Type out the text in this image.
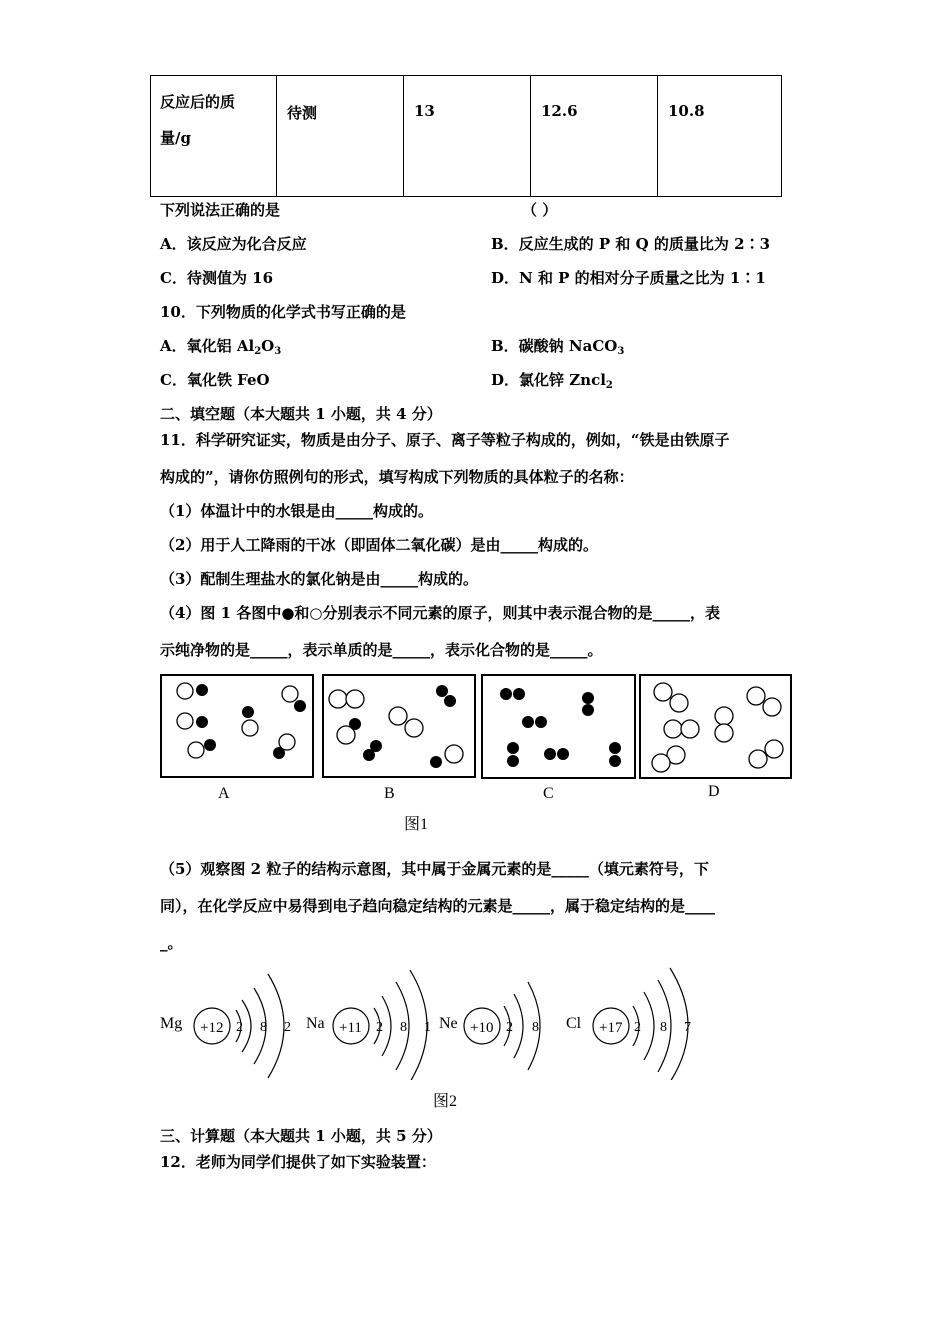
反应后的质
量/g

待测	13	12.6	10.8
下列说法正确的是	（ ）
A．该反应为化合反应	B．反应生成的 P 和 Q 的质量比为 2∶3
C．待测值为 16	D．N 和 P 的相对分子质量之比为 1∶1
10．下列物质的化学式书写正确的是
A．氧化铝 $Al_2O_3$	B．碳酸钠 NaCO$_3$
C．氧化铁 FeO	D．氯化锌 Zncl$_2$
二、填空题（本大题共 1 小题，共 4 分）
11．科学研究证实，物质是由分子、原子、离子等粒子构成的，例如，“铁是由铁原子
构成的”，请你仿照例句的形式，填写构成下列物质的具体粒子的名称：
（1）体温计中的水银是由_____构成的。
（2）用于人工降雨的干冰（即固体二氧化碳）是由_____构成的。
（3）配制生理盐水的氯化钠是由_____构成的。
（4）图 1 各图中●和○分别表示不同元素的原子，则其中表示混合物的是_____，表
示纯净物的是_____，表示单质的是_____，表示化合物的是_____。
A	B	C	D
图1
（5）观察图 2 粒子的结构示意图，其中属于金属元素的是_____（填元素符号，下
同），在化学反应中易得到电子趋向稳定结构的元素是_____，属于稳定结构的是____
_。
Mg +12 2 8 2 Na +11 2 8 1 Ne +10 2 8 Cl +17 2 8 7
图2
三、计算题（本大题共 1 小题，共 5 分）
12．老师为同学们提供了如下实验装置：
